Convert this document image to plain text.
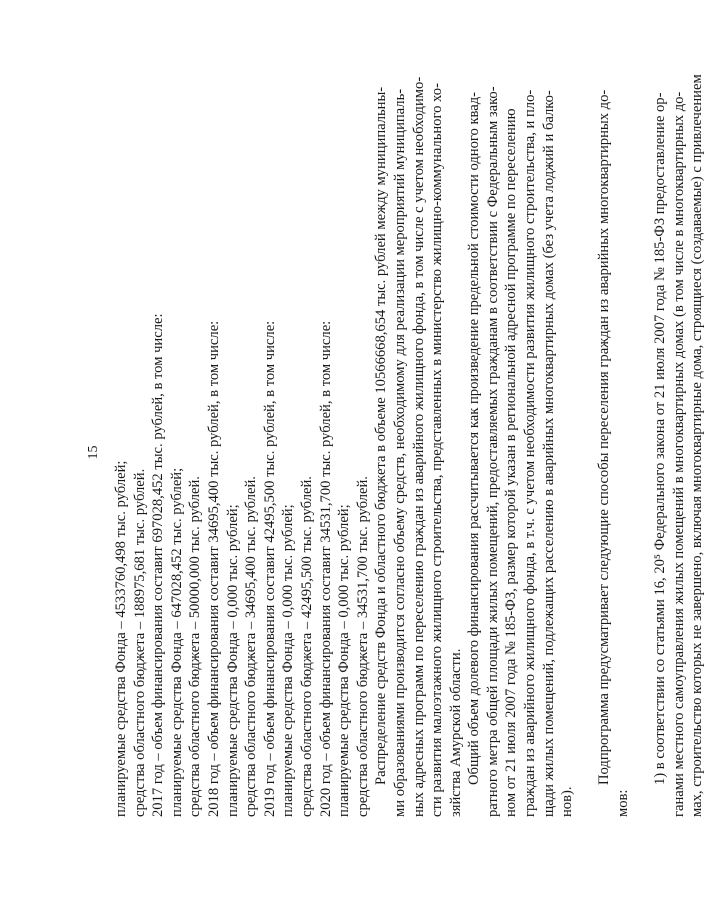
15
планируемые средства Фонда – 4533760,498 тыс. рублей; средства областного бюджета – 188975,681 тыс. рублей. 2017 год – объем финансирования составит 697028,452 тыс. рублей, в том числе: планируемые средства Фонда – 647028,452 тыс. рублей; средства областного бюджета – 50000,000 тыс. рублей. 2018 год – объем финансирования составит 34695,400 тыс. рублей, в том числе: планируемые средства Фонда – 0,000 тыс. рублей; средства областного бюджета – 34695,400 тыс. рублей. 2019 год – объем финансирования составит 42495,500 тыс. рублей, в том числе: планируемые средства Фонда – 0,000 тыс. рублей; средства областного бюджета – 42495,500 тыс. рублей. 2020 год – объем финансирования составит 34531,700 тыс. рублей, в том числе: планируемые средства Фонда – 0,000 тыс. рублей; средства областного бюджета – 34531,700 тыс. рублей. Распределение средств Фонда и областного бюджета в объеме 10566668,654 тыс. рублей между муниципальны- ми образованиями производится согласно объему средств, необходимому для реализации мероприятий муниципаль- ных адресных программ по переселению граждан из аварийного жилищного фонда, в том числе с учетом необходимо- сти развития малоэтажного жилищного строительства, представленных в министерство жилищно-коммунального хо- зяйства Амурской области. Общий объем долевого финансирования рассчитывается как произведение предельной стоимости одного квад- ратного метра общей площади жилых помещений, предоставляемых гражданам в соответствии с Федеральным зако- ном от 21 июля 2007 года № 185-ФЗ, размер которой указан в региональной адресной программе по переселению граждан из аварийного жилищного фонда, в т.ч. с учетом необходимости развития жилищного строительства, и пло- щади жилых помещений, подлежащих расселению в аварийных многоквартирных домах (без учета лоджий и балко- нов).
Подпрограмма предусматривает следующие способы переселения граждан из аварийных многоквартирных до-
мов:
1) в соответствии со статьями 16, 20⁵ Федерального закона от 21 июля 2007 года № 185-ФЗ предоставление ор- ганами местного самоуправления жилых помещений в многоквартирных домах (в том числе в многоквартирных до- мах, строительство которых не завершено, включая многоквартирные дома, строящиеся (создаваемые) с привлечением
